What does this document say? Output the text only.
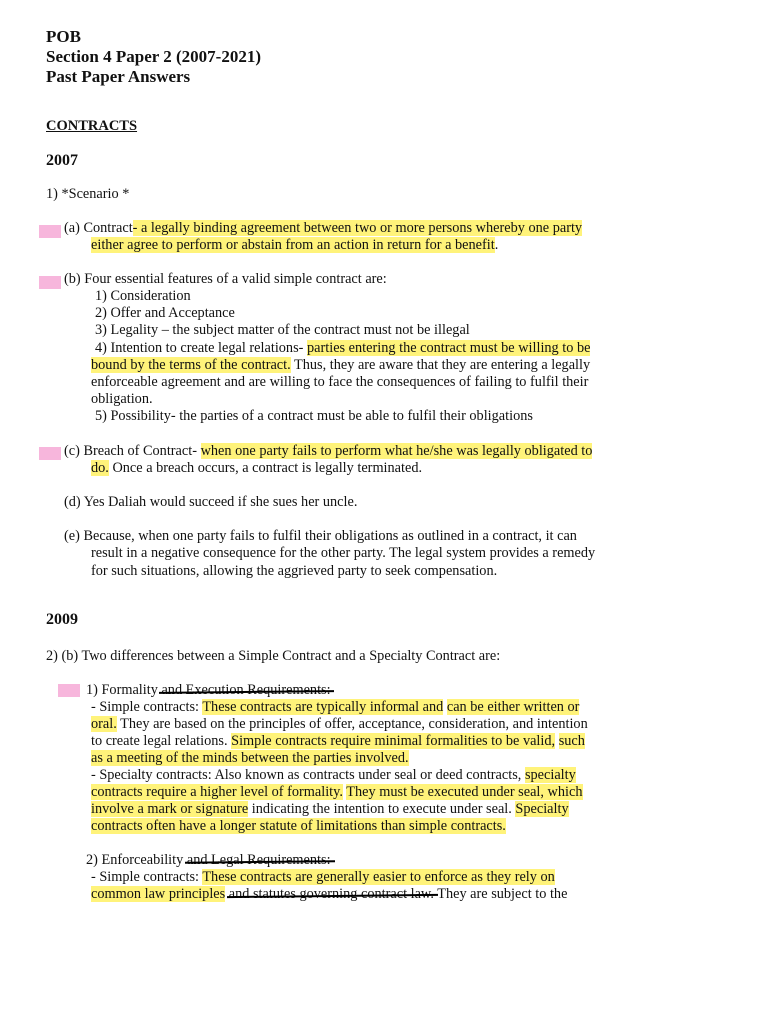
POB
Section 4 Paper 2 (2007-2021)
Past Paper Answers
CONTRACTS
2007
1) *Scenario *
(a) Contract- a legally binding agreement between two or more persons whereby one party
either agree to perform or abstain from an action in return for a benefit.
(b) Four essential features of a valid simple contract are:
1) Consideration
2) Offer and Acceptance
3) Legality – the subject matter of the contract must not be illegal
4) Intention to create legal relations- parties entering the contract must be willing to be
bound by the terms of the contract. Thus, they are aware that they are entering a legally
enforceable agreement and are willing to face the consequences of failing to fulfil their
obligation.
5) Possibility- the parties of a contract must be able to fulfil their obligations
(c) Breach of Contract- when one party fails to perform what he/she was legally obligated to
do. Once a breach occurs, a contract is legally terminated.
(d) Yes Daliah would succeed if she sues her uncle.
(e) Because, when one party fails to fulfil their obligations as outlined in a contract, it can
result in a negative consequence for the other party. The legal system provides a remedy
for such situations, allowing the aggrieved party to seek compensation.
2009
2) (b) Two differences between a Simple Contract and a Specialty Contract are:
1) Formality and Execution Requirements:
- Simple contracts: These contracts are typically informal and can be either written or
oral. They are based on the principles of offer, acceptance, consideration, and intention
to create legal relations. Simple contracts require minimal formalities to be valid, such
as a meeting of the minds between the parties involved.
- Specialty contracts: Also known as contracts under seal or deed contracts, specialty
contracts require a higher level of formality. They must be executed under seal, which
involve a mark or signature indicating the intention to execute under seal. Specialty
contracts often have a longer statute of limitations than simple contracts.
2) Enforceability and Legal Requirements:
- Simple contracts: These contracts are generally easier to enforce as they rely on
common law principles and statutes governing contract law. They are subject to the
